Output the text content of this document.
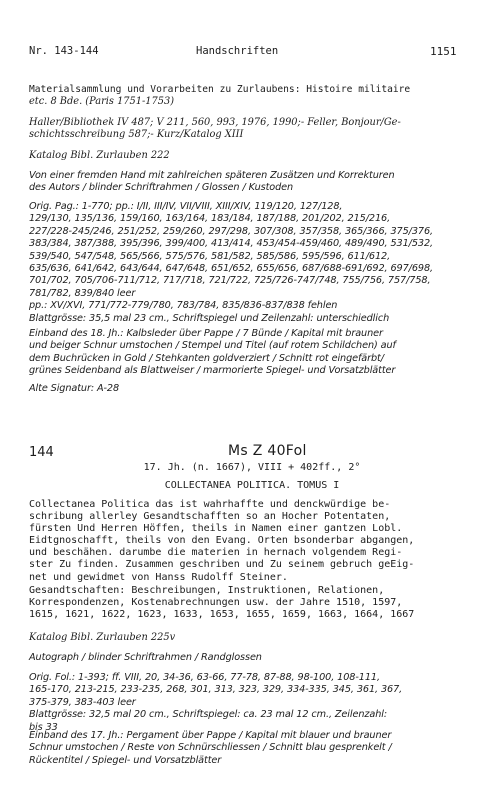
Nr. 143-144	Handschriften	1151

Materialsammlung und Vorarbeiten zu Zurlaubens: Histoire militaire

etc. 8 Bde. (Paris 1751-1753)

Haller/Bibliothek IV 487; V 211, 560, 993, 1976, 1990;- Feller, Bonjour/Ge-
schichtsschreibung 587;- Kurz/Katalog XIII

Katalog Bibl. Zurlauben 222

Von einer fremden Hand mit zahlreichen späteren Zusätzen und Korrekturen
des Autors / blinder Schriftrahmen / Glossen / Kustoden

Orig. Pag.: 1-770; pp.: I/II, III/IV, VII/VIII, XIII/XIV, 119/120, 127/128,
129/130, 135/136, 159/160, 163/164, 183/184, 187/188, 201/202, 215/216,
227/228-245/246, 251/252, 259/260, 297/298, 307/308, 357/358, 365/366, 375/376,
383/384, 387/388, 395/396, 399/400, 413/414, 453/454-459/460, 489/490, 531/532,
539/540, 547/548, 565/566, 575/576, 581/582, 585/586, 595/596, 611/612,
635/636, 641/642, 643/644, 647/648, 651/652, 655/656, 687/688-691/692, 697/698,
701/702, 705/706-711/712, 717/718, 721/722, 725/726-747/748, 755/756, 757/758,
781/782, 839/840 leer
pp.: XV/XVI, 771/772-779/780, 783/784, 835/836-837/838 fehlen
Blattgrösse: 35,5 mal 23 cm., Schriftspiegel und Zeilenzahl: unterschiedlich

Einband des 18. Jh.: Kalbsleder über Pappe / 7 Bünde / Kapital mit brauner
und beiger Schnur umstochen / Stempel und Titel (auf rotem Schildchen) auf
dem Buchrücken in Gold / Stehkanten goldverziert / Schnitt rot eingefärbt/
grünes Seidenband als Blattweiser / marmorierte Spiegel- und Vorsatzblätter

Alte Signatur: A-28

144	Ms Z 40Fol
17. Jh. (n. 1667), VIII + 402ff., 2°
COLLECTANEA POLITICA. TOMUS I

Collectanea Politica das ist wahrhaffte und denckwürdige be-
schribung allerley Gesandtschafften so an Hocher Potentaten,
fürsten Und Herren Höffen, theils in Namen einer gantzen Lobl.
Eidtgnoschafft, theils von den Evang. Orten bsonderbar abgangen,
und beschähen. darumbe die materien in hernach volgendem Regi-
ster Zu finden. Zusammen geschriben und Zu seinem gebruch geEig-
net und gewidmet von Hanss Rudolff Steiner.

Gesandtschaften: Beschreibungen, Instruktionen, Relationen,
Korrespondenzen, Kostenabrechnungen usw. der Jahre 1510, 1597,
1615, 1621, 1622, 1623, 1633, 1653, 1655, 1659, 1663, 1664, 1667

Katalog Bibl. Zurlauben 225v

Autograph / blinder Schriftrahmen / Randglossen

Orig. Fol.: 1-393; ff. VIII, 20, 34-36, 63-66, 77-78, 87-88, 98-100, 108-111,
165-170, 213-215, 233-235, 268, 301, 313, 323, 329, 334-335, 345, 361, 367,
375-379, 383-403 leer
Blattgrösse: 32,5 mal 20 cm., Schriftspiegel: ca. 23 mal 12 cm., Zeilenzahl:
bis 33

Einband des 17. Jh.: Pergament über Pappe / Kapital mit blauer und brauner
Schnur umstochen / Reste von Schnürschliessen / Schnitt blau gesprenkelt /
Rückentitel / Spiegel- und Vorsatzblätter
